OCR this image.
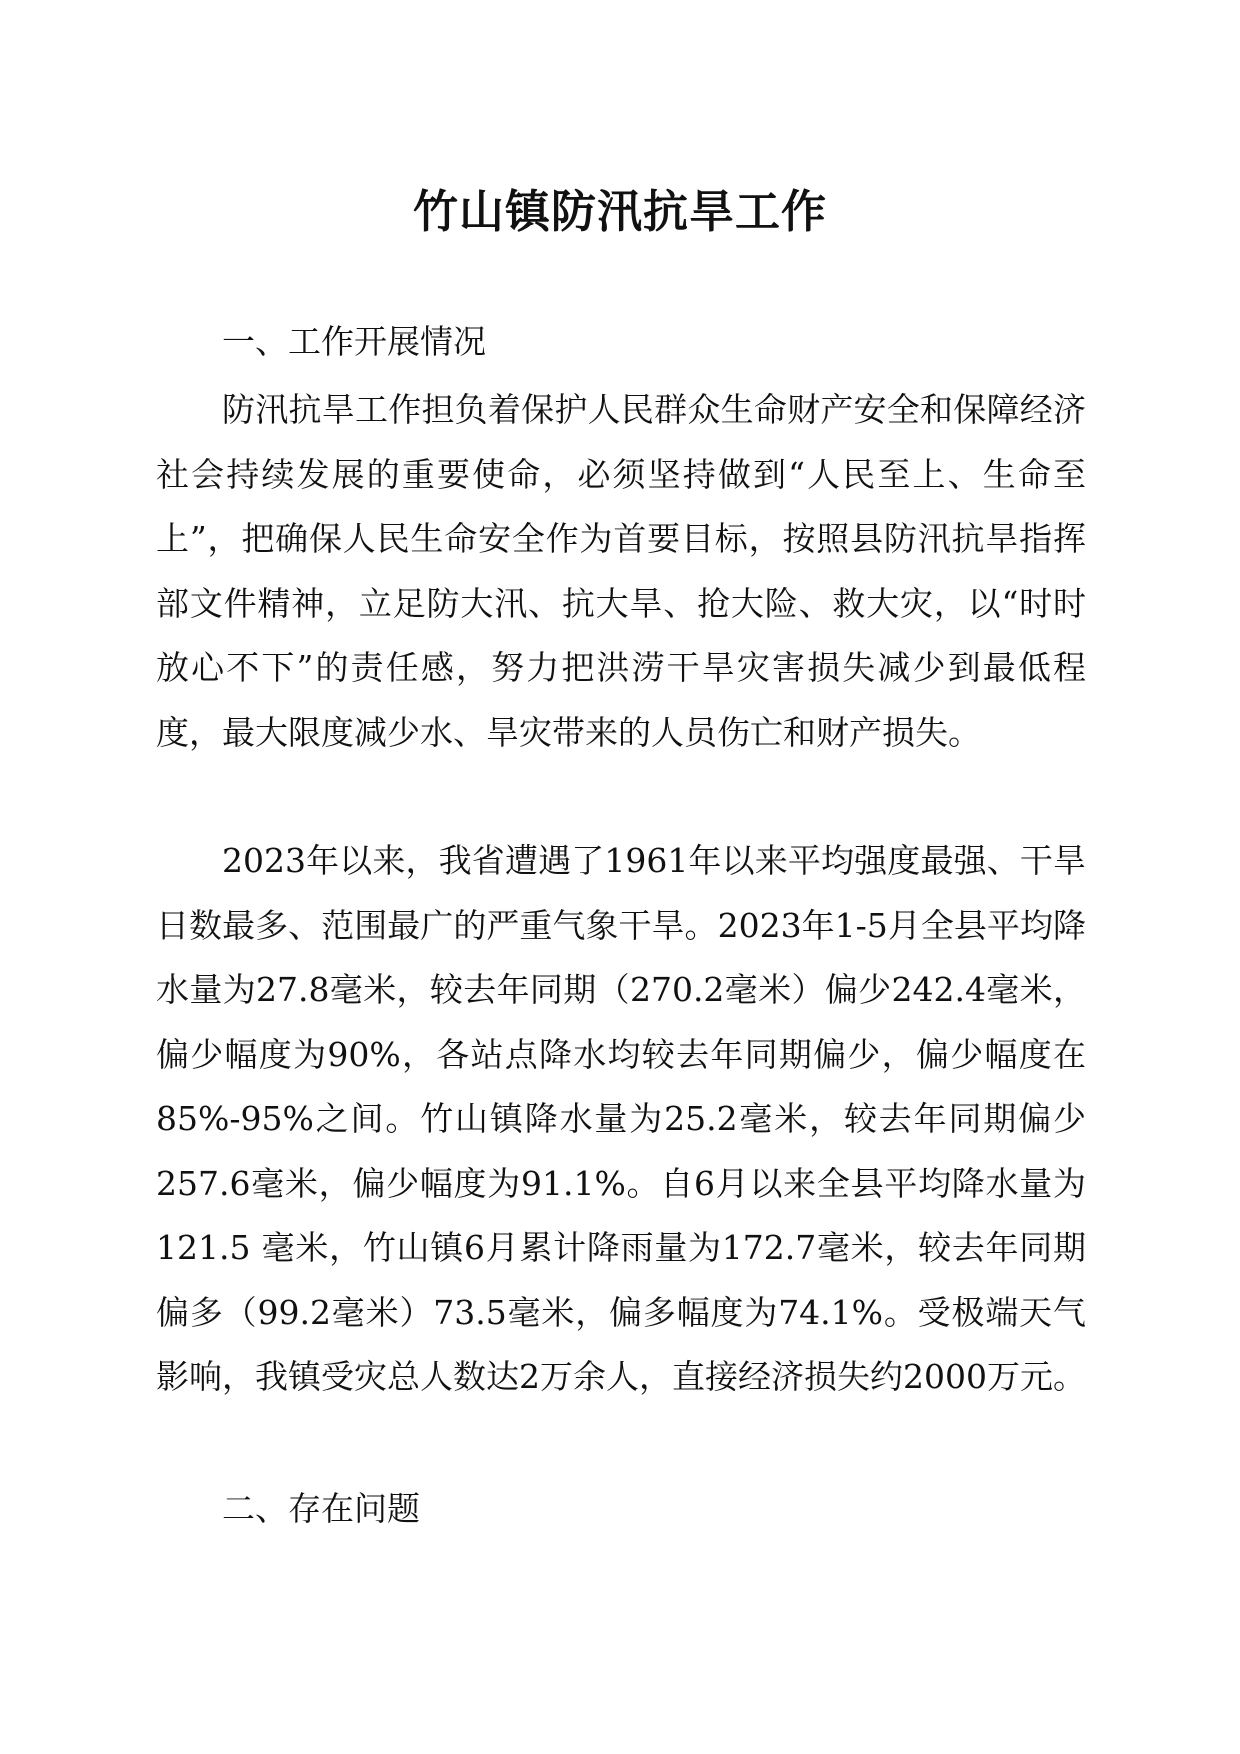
竹山镇防汛抗旱工作
一、工作开展情况

防汛抗旱工作担负着保护人民群众生命财产安全和保障经济社会持续发展的重要使命，必须坚持做到“人民至上、生命至上”，把确保人民生命安全作为首要目标，按照县防汛抗旱指挥部文件精神，立足防大汛、抗大旱、抢大险、救大灾，以“时时放心不下”的责任感，努力把洪涝干旱灾害损失减少到最低程度，最大限度减少水、旱灾带来的人员伤亡和财产损失。

2023年以来，我省遭遇了1961年以来平均强度最强、干旱日数最多、范围最广的严重气象干旱。2023年1-5月全县平均降水量为27.8毫米，较去年同期（270.2毫米）偏少242.4毫米，偏少幅度为90%，各站点降水均较去年同期偏少，偏少幅度在85%-95%之间。竹山镇降水量为25.2毫米，较去年同期偏少257.6毫米，偏少幅度为91.1%。自6月以来全县平均降水量为121.5 毫米，竹山镇6月累计降雨量为172.7毫米，较去年同期偏多（99.2毫米）73.5毫米，偏多幅度为74.1%。受极端天气影响，我镇受灾总人数达2万余人，直接经济损失约2000万元。

二、存在问题
